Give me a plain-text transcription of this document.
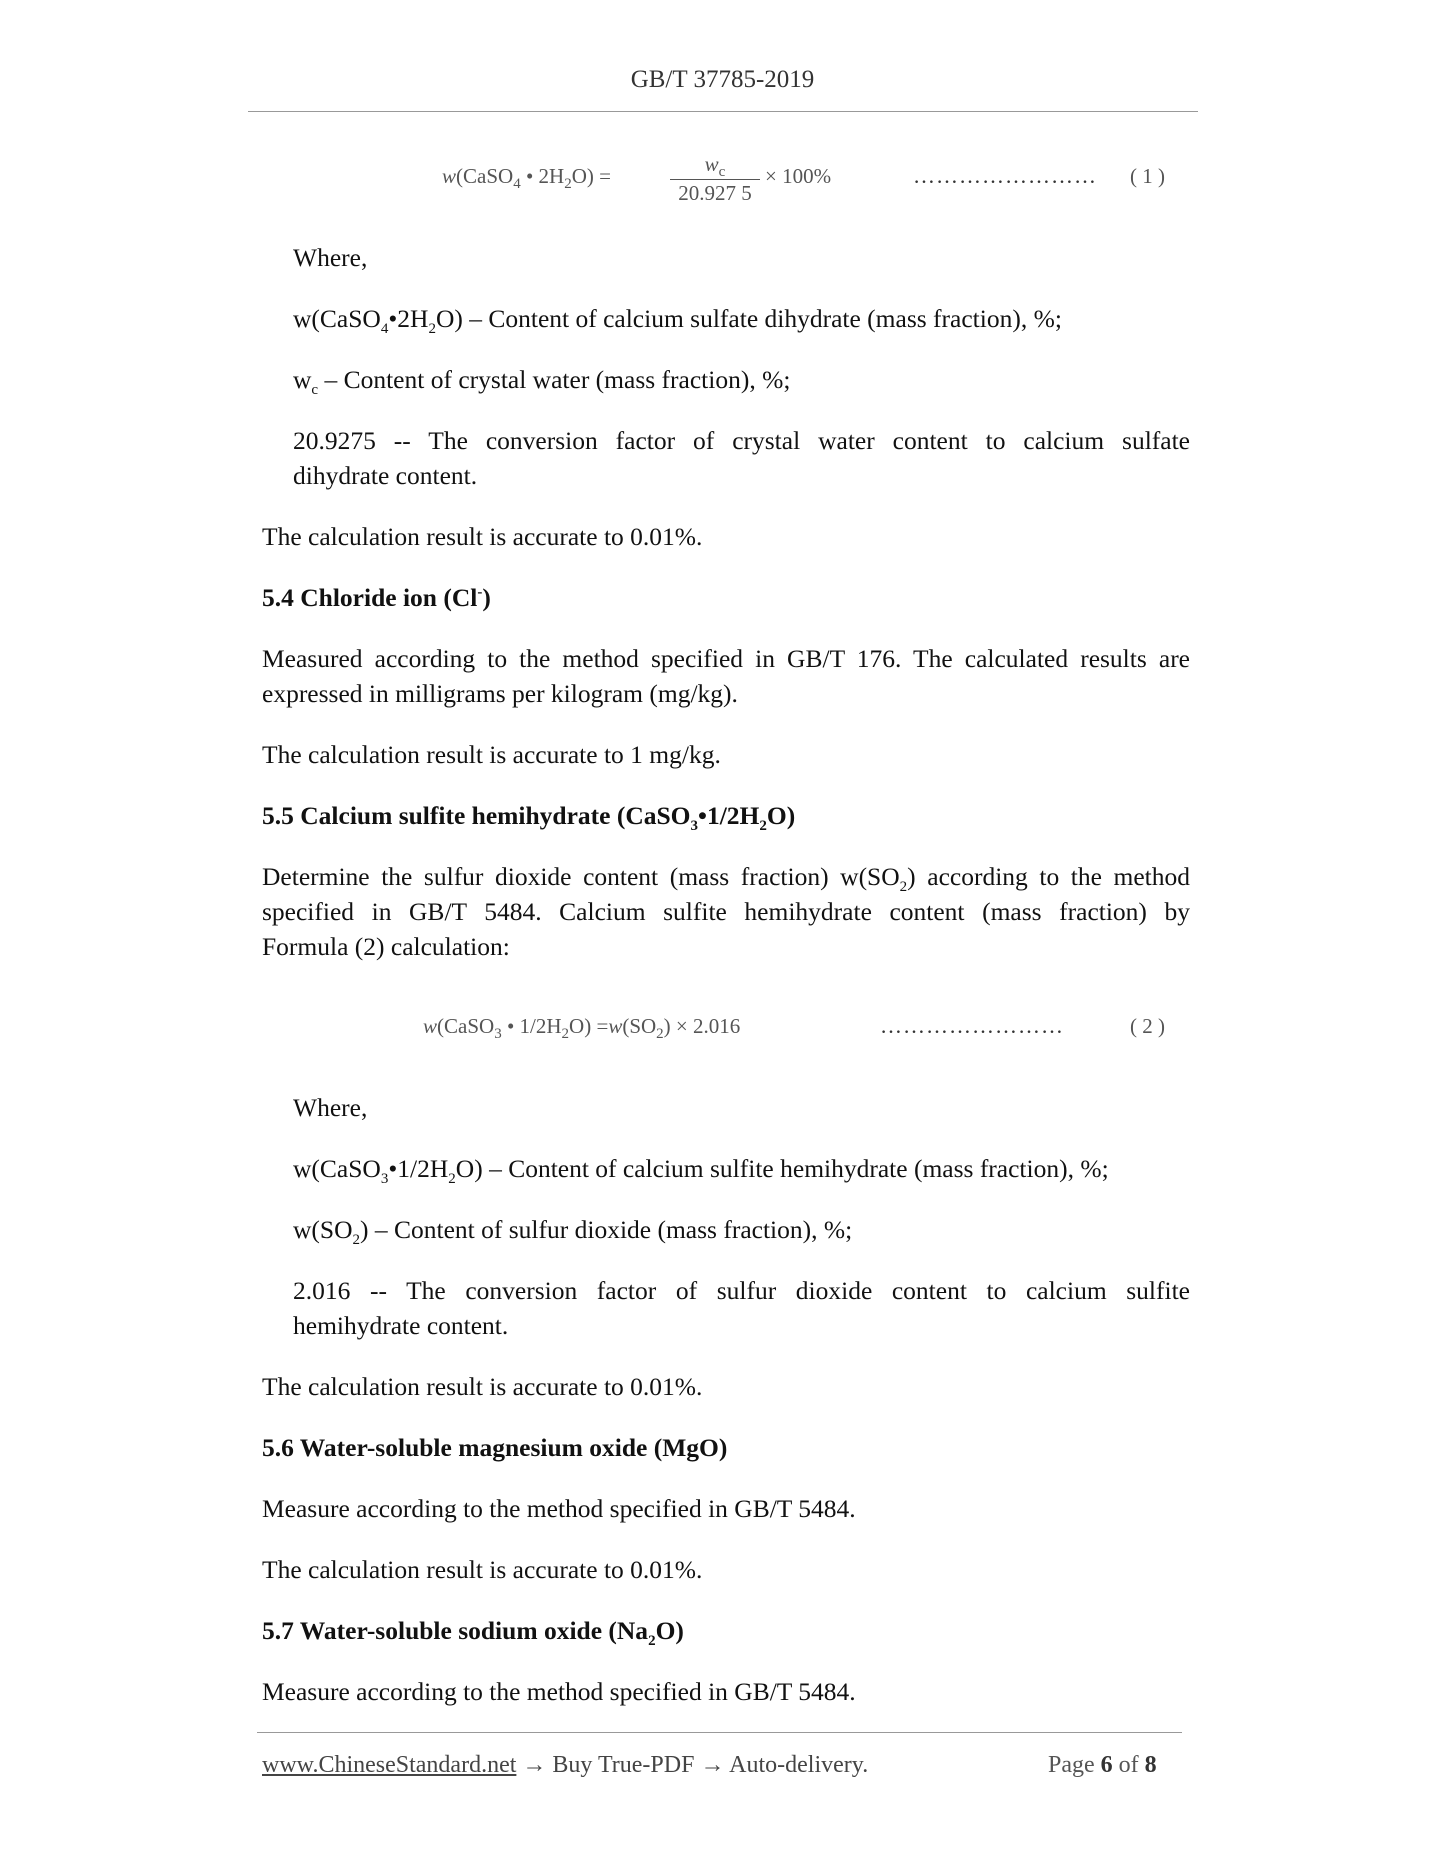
GB/T 37785-2019
w(CaSO$_4$ • $2H_2O$) =	$w_c$
20.927 5
× 100%	…………………… ( 1 )
Where,
$w(CaSO_4•2H_2O)$ – Content of calcium sulfate dihydrate (mass fraction), %;
$w_c$ – Content of crystal water (mass fraction), %;
20.9275 -- The conversion factor of crystal water content to calcium sulfate
dihydrate content.
The calculation result is accurate to 0.01%.
5.4 Chloride ion (Cl-)
Measured according to the method specified in GB/T 176. The calculated results are
expressed in milligrams per kilogram (mg/kg).
The calculation result is accurate to 1 mg/kg.
5.5 Calcium sulfite hemihydrate $(CaSO_3•1/2H_2O)$
Determine the sulfur dioxide content (mass fraction) $w(SO_2)$ according to the method
specified in GB/T 5484. Calcium sulfite hemihydrate content (mass fraction) by
Formula (2) calculation:
w(CaSO$_3$ • $1/2H_2O) =w(SO_2) \times 2.016$	……………………	( 2 )
Where,
$w(CaSO_3•1/2H_2O)$ – Content of calcium sulfite hemihydrate (mass fraction), %;
$w(SO_2)$ – Content of sulfur dioxide (mass fraction), %;
2.016 -- The conversion factor of sulfur dioxide content to calcium sulfite
hemihydrate content.
The calculation result is accurate to 0.01%.
5.6 Water-soluble magnesium oxide (MgO)
Measure according to the method specified in GB/T 5484.
The calculation result is accurate to 0.01%.
5.7 Water-soluble sodium oxide $(Na_2O)$
Measure according to the method specified in GB/T 5484.
www.ChineseStandard.net → Buy True-PDF → Auto-delivery.	Page 6 of 8
